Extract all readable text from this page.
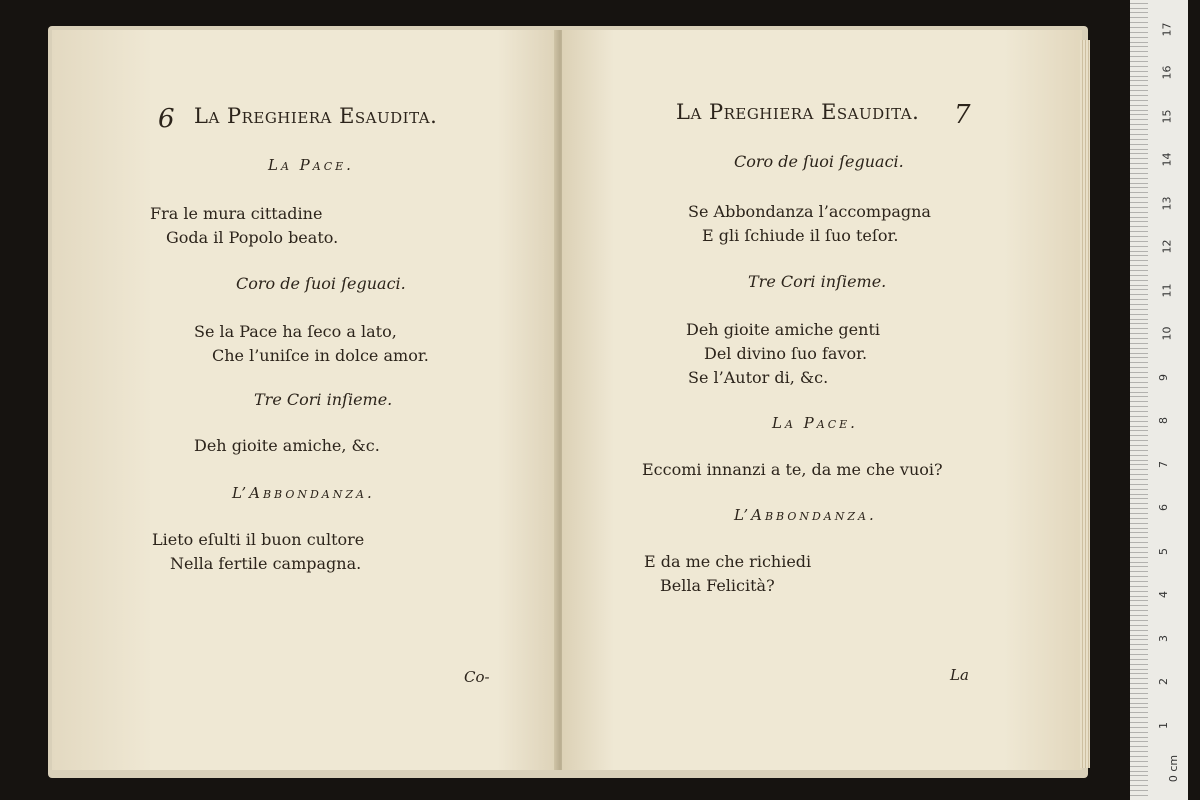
6 La Preghiera Esaudita.
La Pace.
Fra le mura cittadine
Goda il Popolo beato.
Coro de ſuoi ſeguaci.
Se la Pace ha ſeco a lato,
Che l’uniſce in dolce amor.
Tre Cori inſieme.
Deh gioite amiche, &c.
L’Abbondanza.
Lieto eſulti il buon cultore
Nella fertile campagna.
Co-
La Preghiera Esaudita. 7
Coro de ſuoi ſeguaci.
Se Abbondanza l’accompagna
E gli ſchiude il ſuo teſor.
Tre Cori inſieme.
Deh gioite amiche genti
Del divino ſuo favor.
Se l’Autor di, &c.
La Pace.
Eccomi innanzi a te, da me che vuoi?
L’Abbondanza.
E da me che richiedi
Bella Felicità?
La
0 cm
1
2
3
4
5
6
7
8
9
10
11
12
13
14
15
16
17
